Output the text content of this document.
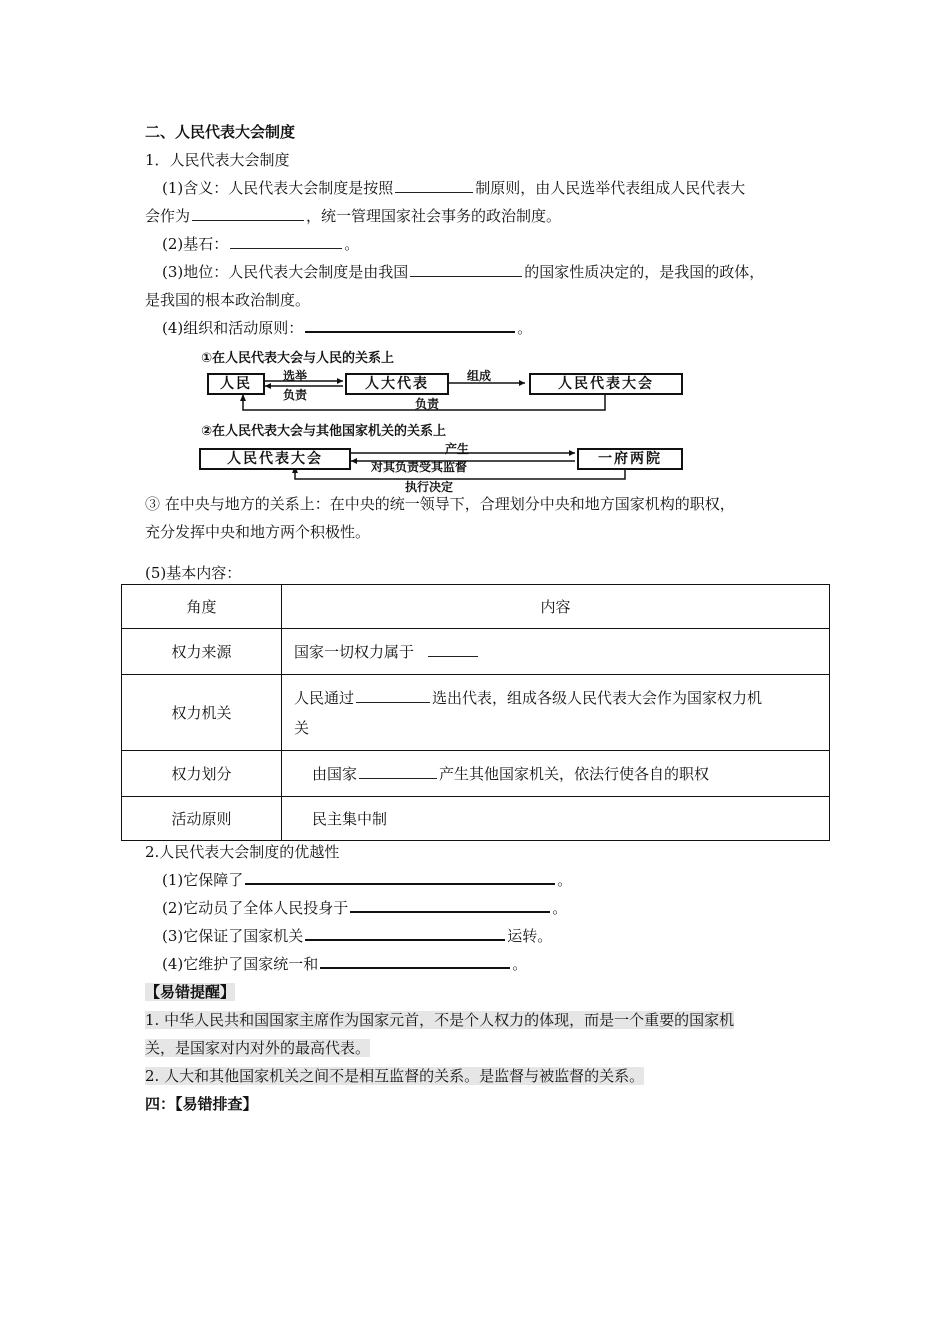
二、人民代表大会制度
1．人民代表大会制度
(1)含义：人民代表大会制度是按照	制原则，由人民选举代表组成人民代表大
会作为	，统一管理国家社会事务的政治制度。
(2)基石：	。
(3)地位：人民代表大会制度是由我国	的国家性质决定的，是我国的政体，
是我国的根本政治制度。
(4)组织和活动原则：	。
①在人民代表大会与人民的关系上
人民	选举
负责
人大代表	组成	人民代表大会
负责
②在人民代表大会与其他国家机关的关系上
人民代表大会
产生
对其负责受其监督	一府两院
执行决定
③ 在中央与地方的关系上：在中央的统一领导下，合理划分中央和地方国家机构的职权，
充分发挥中央和地方两个积极性。
(5)基本内容：
角度	内容
权力来源	国家一切权力属于
权力机关	人民通过 选出代表，组成各级人民代表大会作为国家权力机
关
权力划分	由国家 产生其他国家机关，依法行使各自的职权
活动原则	民主集中制
2.人民代表大会制度的优越性
(1)它保障了	。
(2)它动员了全体人民投身于	。
(3)它保证了国家机关	运转。
(4)它维护了国家统一和	。
【易错提醒】
1. 中华人民共和国国家主席作为国家元首，不是个人权力的体现，而是一个重要的国家机
关，是国家对内对外的最高代表。
2. 人大和其他国家机关之间不是相互监督的关系。是监督与被监督的关系。
四：【易错排查】
